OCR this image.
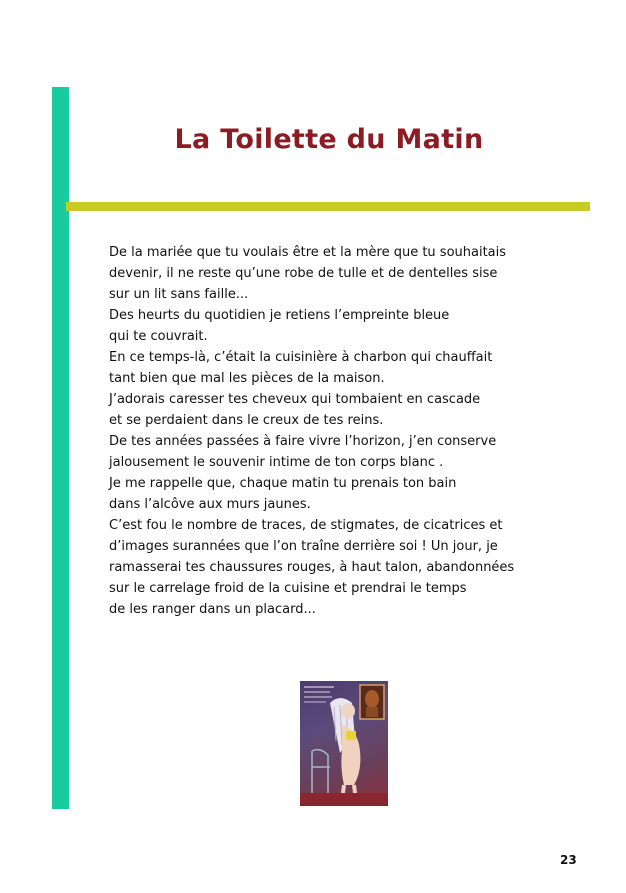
La Toilette du Matin
De la mariée que tu voulais être et la mère que tu souhaitais
devenir, il ne reste qu’une robe de tulle et de dentelles sise
sur un lit sans faille...
Des heurts du quotidien je retiens l’empreinte bleue
qui te couvrait.
En ce temps-là, c’était la cuisinière à charbon qui chauffait
tant bien que mal les pièces de la maison.
J’adorais caresser tes cheveux qui tombaient en cascade
et se perdaient dans le creux de tes reins.
De tes années passées à faire vivre l’horizon, j’en conserve
jalousement le souvenir intime de ton corps blanc .
Je me rappelle que, chaque matin tu prenais ton bain
dans l’alcôve aux murs jaunes.
C’est fou le nombre de traces, de stigmates, de cicatrices et
d’images surannées que l’on traîne derrière soi ! Un jour, je
ramasserai tes chaussures rouges, à haut talon, abandonnées
sur le carrelage froid de la cuisine et prendrai le temps
de les ranger dans un placard...
23
